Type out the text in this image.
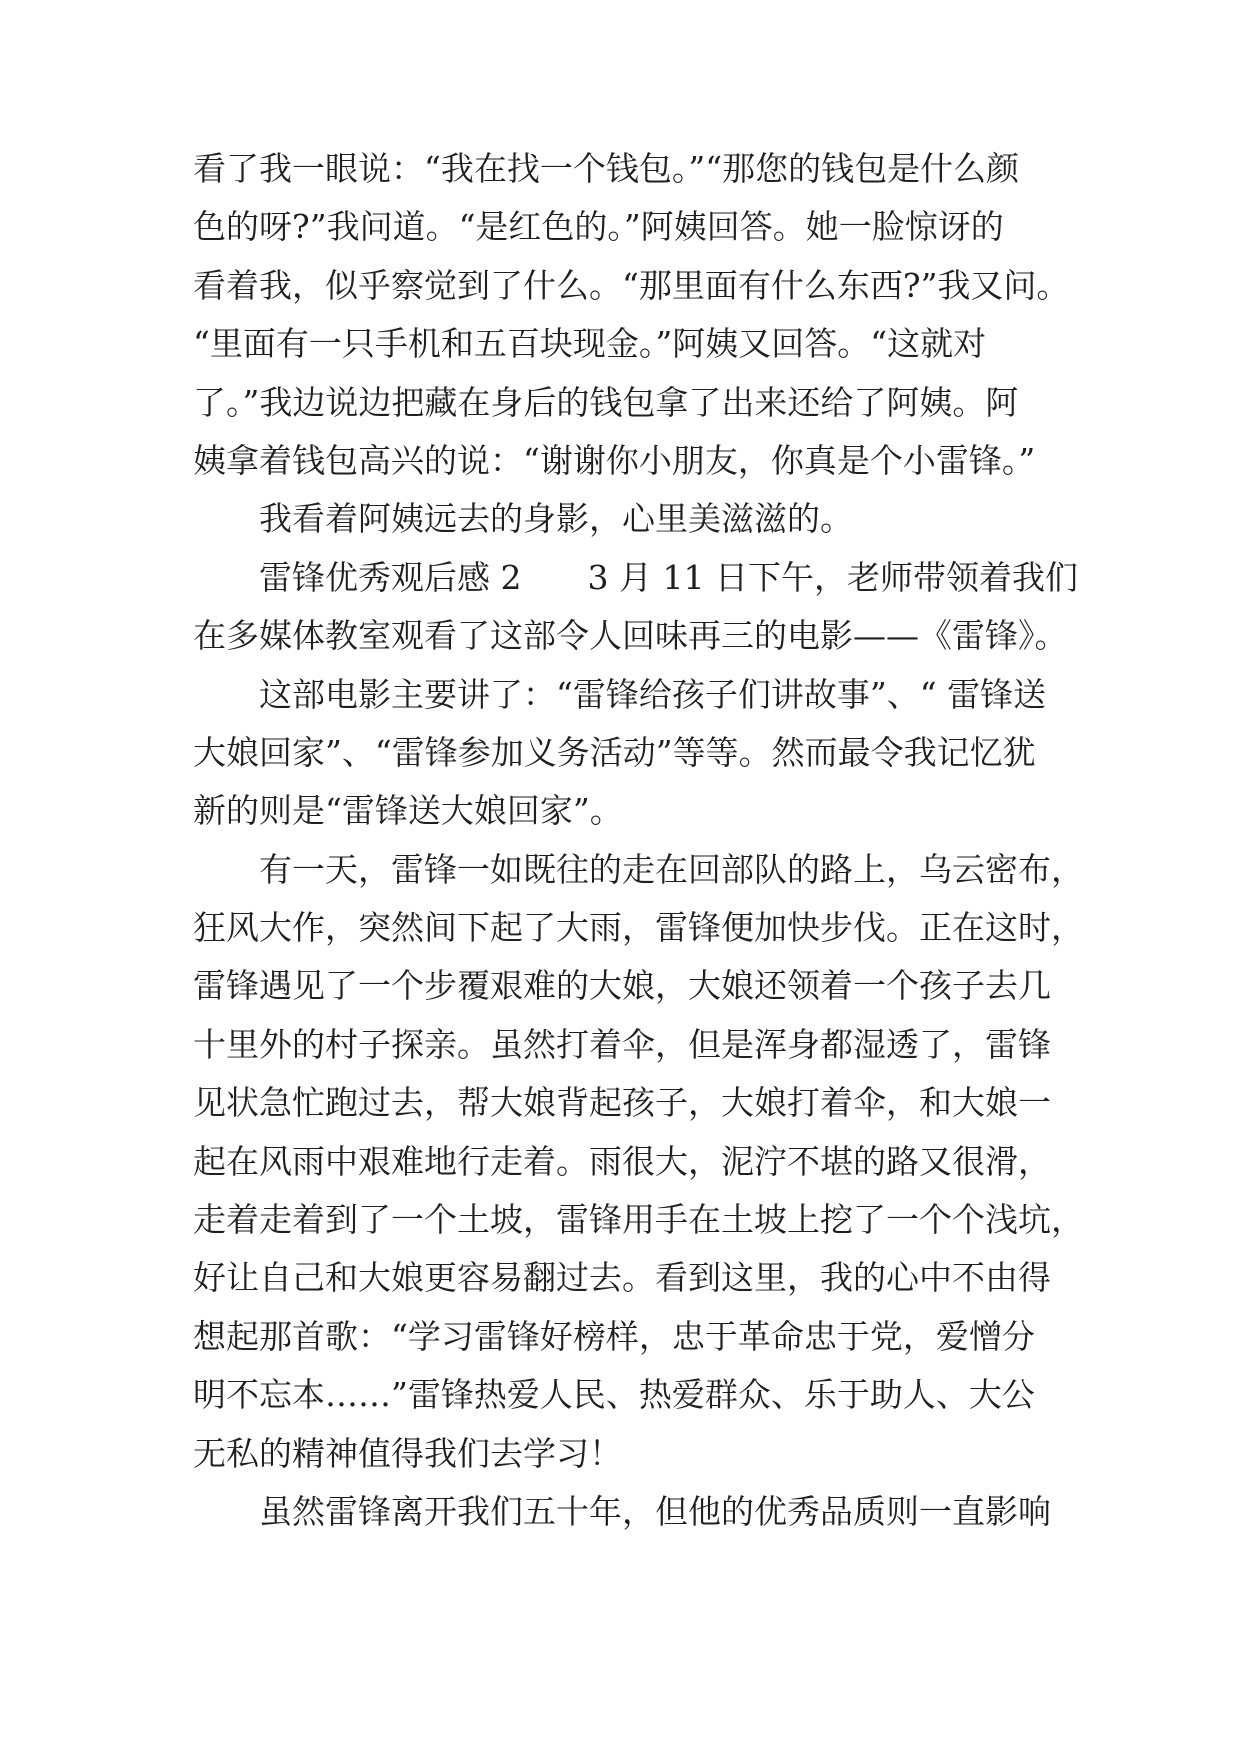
看了我一眼说：“我在找一个钱包。”“那您的钱包是什么颜
色的呀?”我问道。“是红色的。”阿姨回答。她一脸惊讶的
看着我，似乎察觉到了什么。“那里面有什么东西?”我又问。
“里面有一只手机和五百块现金。”阿姨又回答。“这就对
了。”我边说边把藏在身后的钱包拿了出来还给了阿姨。阿
姨拿着钱包高兴的说：“谢谢你小朋友，你真是个小雷锋。”
我看着阿姨远去的身影，心里美滋滋的。
雷锋优秀观后感 2　　3 月 11 日下午，老师带领着我们
在多媒体教室观看了这部令人回味再三的电影——《雷锋》。
这部电影主要讲了：“雷锋给孩子们讲故事”、“ 雷锋送
大娘回家”、“雷锋参加义务活动”等等。然而最令我记忆犹
新的则是“雷锋送大娘回家”。
有一天，雷锋一如既往的走在回部队的路上，乌云密布，
狂风大作，突然间下起了大雨，雷锋便加快步伐。正在这时，
雷锋遇见了一个步覆艰难的大娘，大娘还领着一个孩子去几
十里外的村子探亲。虽然打着伞，但是浑身都湿透了，雷锋
见状急忙跑过去，帮大娘背起孩子，大娘打着伞，和大娘一
起在风雨中艰难地行走着。雨很大，泥泞不堪的路又很滑，
走着走着到了一个土坡，雷锋用手在土坡上挖了一个个浅坑，
好让自己和大娘更容易翻过去。看到这里，我的心中不由得
想起那首歌：“学习雷锋好榜样，忠于革命忠于党，爱憎分
明不忘本……”雷锋热爱人民、热爱群众、乐于助人、大公
无私的精神值得我们去学习！
虽然雷锋离开我们五十年，但他的优秀品质则一直影响
